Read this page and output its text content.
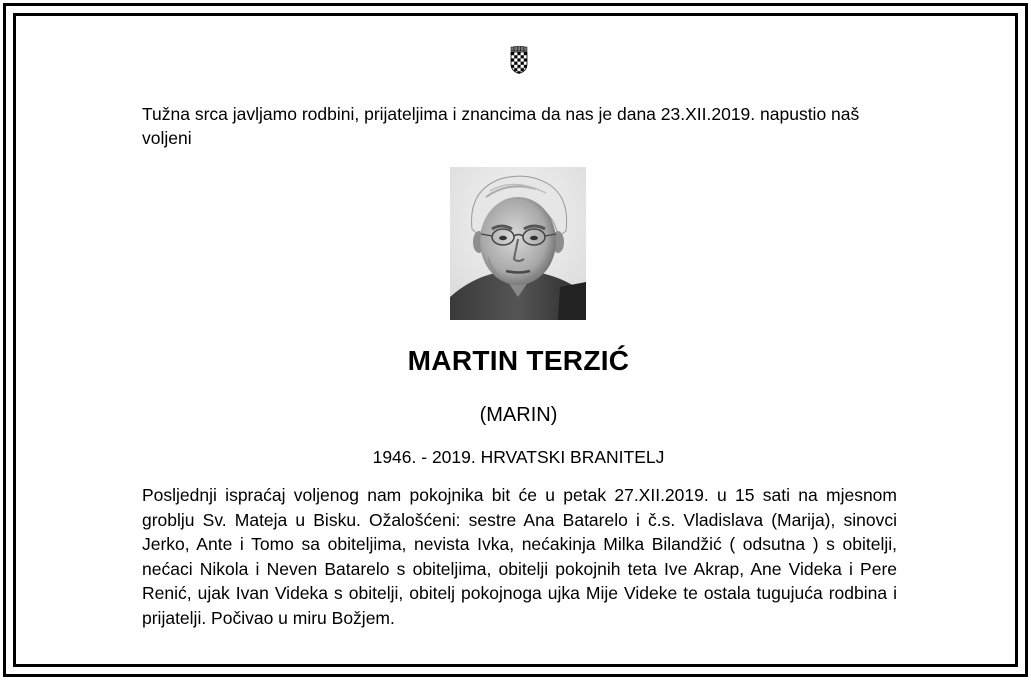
Tužna srca javljamo rodbini, prijateljima i znancima da nas je dana 23.XII.2019. napustio naš voljeni
MARTIN TERZIĆ
(MARIN)
1946. - 2019. HRVATSKI BRANITELJ
Posljednji ispraćaj voljenog nam pokojnika bit će u petak 27.XII.2019. u 15 sati na mjesnom groblju Sv. Mateja u Bisku. Ožalošćeni: sestre Ana Batarelo i č.s. Vladislava (Marija), sinovci Jerko, Ante i Tomo sa obiteljima, nevista Ivka, nećakinja Milka Bilandžić ( odsutna ) s obitelji, nećaci Nikola i Neven Batarelo s obiteljima, obitelji pokojnih teta Ive Akrap, Ane Videka i Pere Renić, ujak Ivan Videka s obitelji, obitelj pokojnoga ujka Mije Videke te ostala tugujuća rodbina i prijatelji. Počivao u miru Božjem.
